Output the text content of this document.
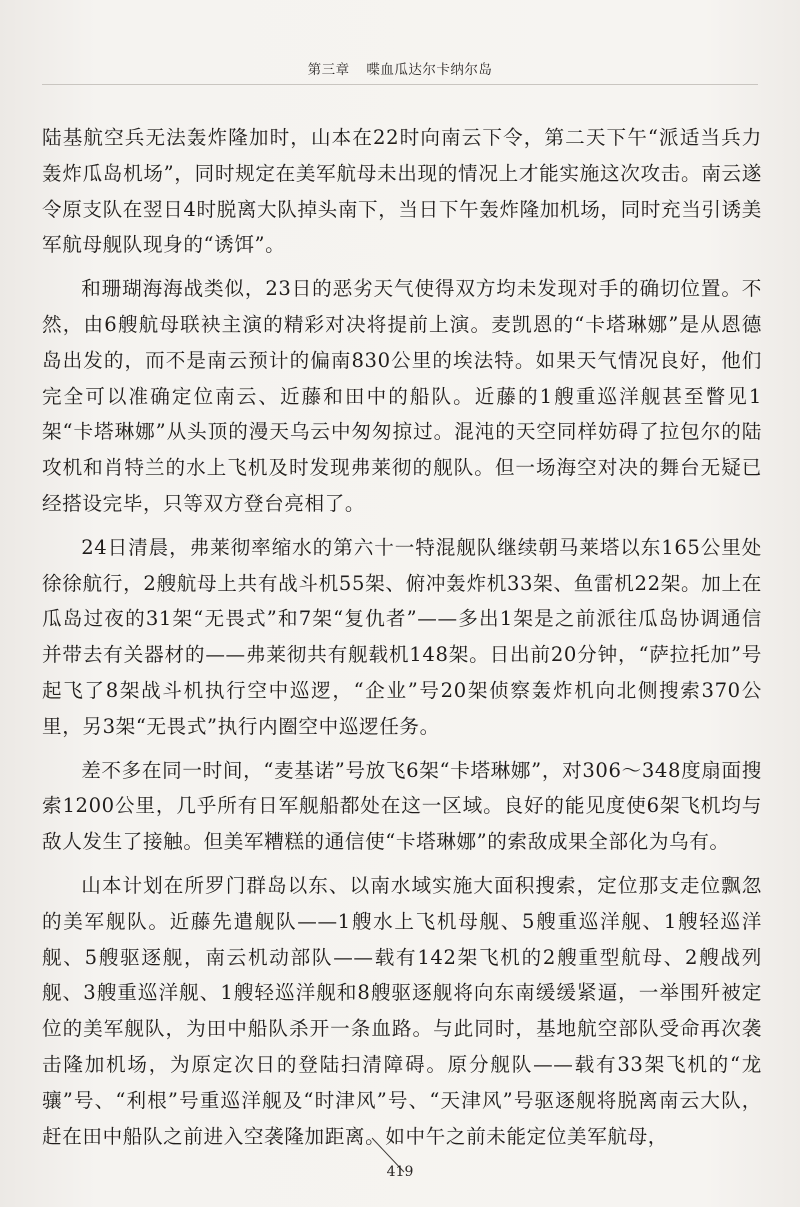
第三章 喋血瓜达尔卡纳尔岛

陆基航空兵无法轰炸隆加时，山本在22时向南云下令，第二天下午“派适当兵力轰炸瓜岛机场”，同时规定在美军航母未出现的情况上才能实施这次攻击。南云遂令原支队在翌日4时脱离大队掉头南下，当日下午轰炸隆加机场，同时充当引诱美军航母舰队现身的“诱饵”。

和珊瑚海海战类似，23日的恶劣天气使得双方均未发现对手的确切位置。不然，由6艘航母联袂主演的精彩对决将提前上演。麦凯恩的“卡塔琳娜”是从恩德岛出发的，而不是南云预计的偏南830公里的埃法特。如果天气情况良好，他们完全可以准确定位南云、近藤和田中的船队。近藤的1艘重巡洋舰甚至瞥见1架“卡塔琳娜”从头顶的漫天乌云中匆匆掠过。混沌的天空同样妨碍了拉包尔的陆攻机和肖特兰的水上飞机及时发现弗莱彻的舰队。但一场海空对决的舞台无疑已经搭设完毕，只等双方登台亮相了。

24日清晨，弗莱彻率缩水的第六十一特混舰队继续朝马莱塔以东165公里处徐徐航行，2艘航母上共有战斗机55架、俯冲轰炸机33架、鱼雷机22架。加上在瓜岛过夜的31架“无畏式”和7架“复仇者”——多出1架是之前派往瓜岛协调通信并带去有关器材的——弗莱彻共有舰载机148架。日出前20分钟，“萨拉托加”号起飞了8架战斗机执行空中巡逻，“企业”号20架侦察轰炸机向北侧搜索370公里，另3架“无畏式”执行内圈空中巡逻任务。

差不多在同一时间，“麦基诺”号放飞6架“卡塔琳娜”，对306～348度扇面搜索1200公里，几乎所有日军舰船都处在这一区域。良好的能见度使6架飞机均与敌人发生了接触。但美军糟糕的通信使“卡塔琳娜”的索敌成果全部化为乌有。

山本计划在所罗门群岛以东、以南水域实施大面积搜索，定位那支走位飘忽的美军舰队。近藤先遣舰队——1艘水上飞机母舰、5艘重巡洋舰、1艘轻巡洋舰、5艘驱逐舰，南云机动部队——载有142架飞机的2艘重型航母、2艘战列舰、3艘重巡洋舰、1艘轻巡洋舰和8艘驱逐舰将向东南缓缓紧逼，一举围歼被定位的美军舰队，为田中船队杀开一条血路。与此同时，基地航空部队受命再次袭击隆加机场，为原定次日的登陆扫清障碍。原分舰队——载有33架飞机的“龙骧”号、“利根”号重巡洋舰及“时津风”号、“天津风”号驱逐舰将脱离南云大队，赶在田中船队之前进入空袭隆加距离。如中午之前未能定位美军航母，

419
